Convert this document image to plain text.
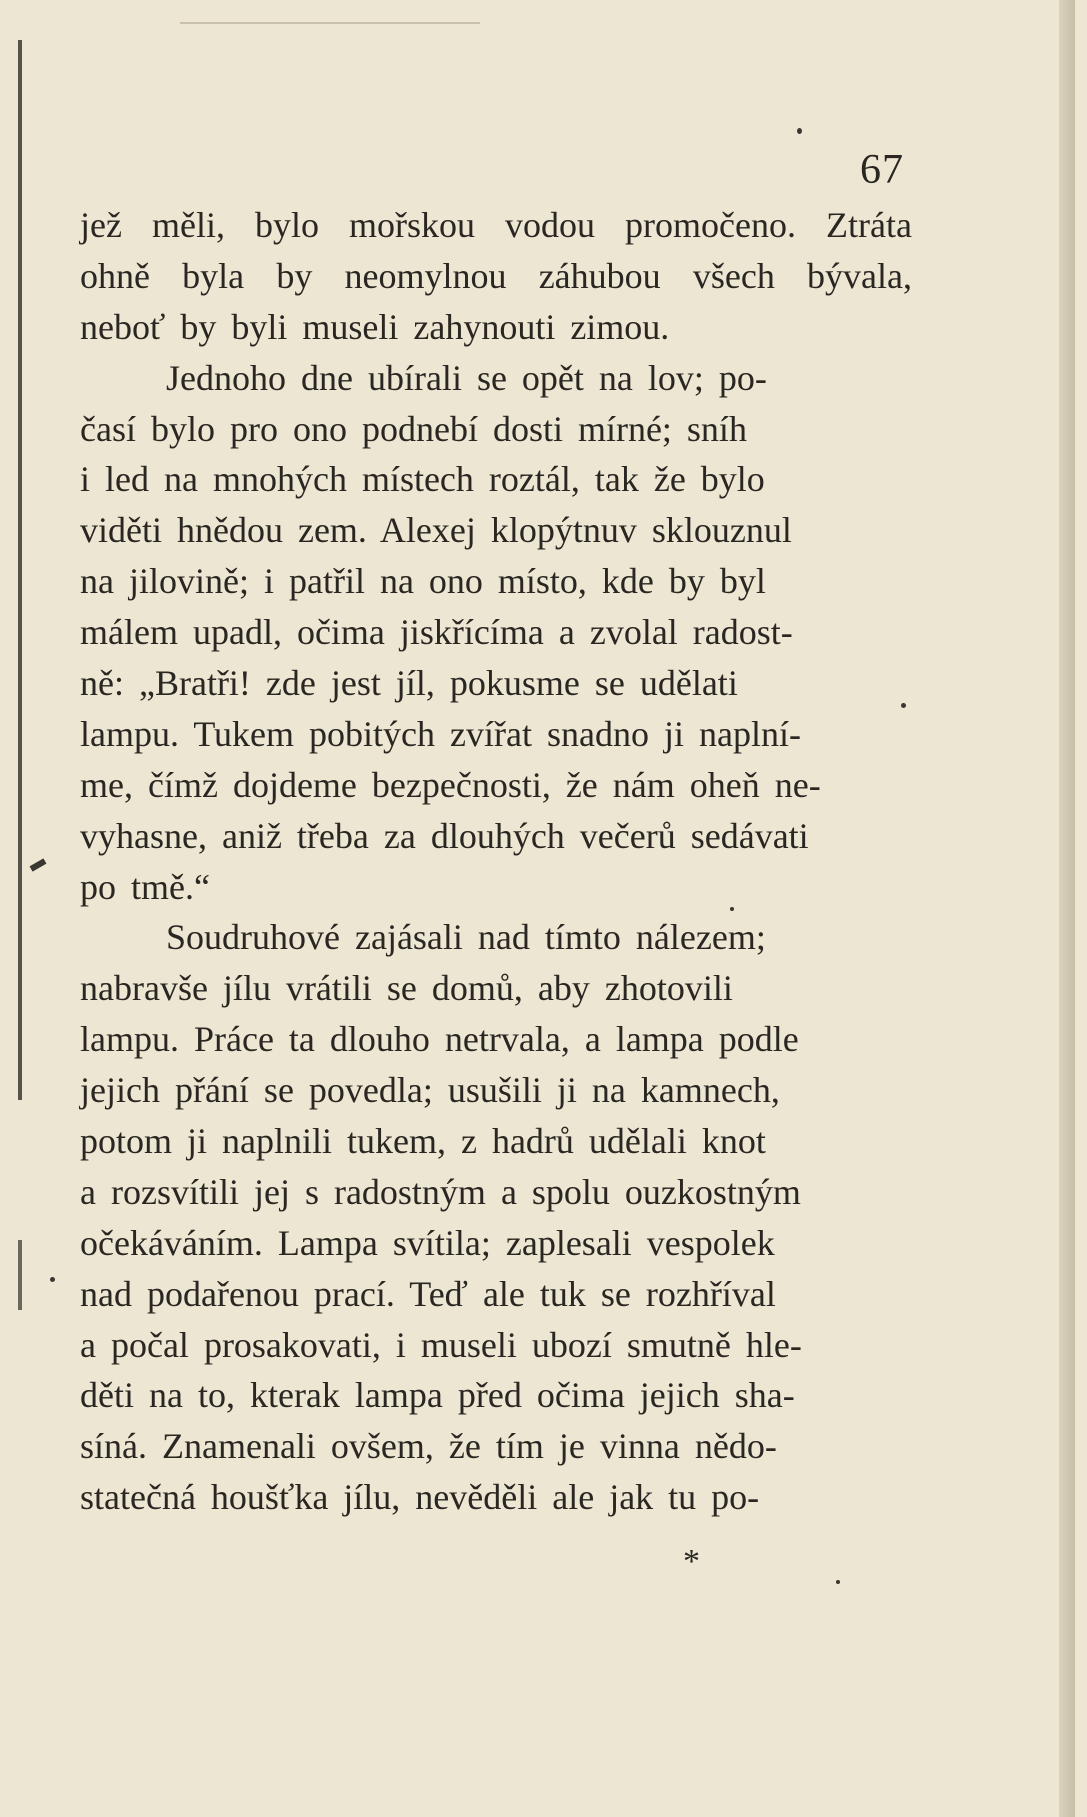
67
jež měli, bylo mořskou vodou promočeno. Ztráta
ohně byla by neomylnou záhubou všech bývala,
neboť by byli museli zahynouti zimou.
Jednoho dne ubírali se opět na lov; po-
časí bylo pro ono podnebí dosti mírné; sníh
i led na mnohých místech roztál, tak že bylo
viděti hnědou zem. Alexej klopýtnuv sklouznul
na jilovině; i patřil na ono místo, kde by byl
málem upadl, očima jiskřícíma a zvolal radost-
ně: „Bratři! zde jest jíl, pokusme se udělati
lampu. Tukem pobitých zvířat snadno ji naplní-
me, čímž dojdeme bezpečnosti, že nám oheň ne-
vyhasne, aniž třeba za dlouhých večerů sedávati
po tmě.“
Soudruhové zajásali nad tímto nálezem;
nabravše jílu vrátili se domů, aby zhotovili
lampu. Práce ta dlouho netrvala, a lampa podle
jejich přání se povedla; usušili ji na kamnech,
potom ji naplnili tukem, z hadrů udělali knot
a rozsvítili jej s radostným a spolu ouzkostným
očekáváním. Lampa svítila; zaplesali vespolek
nad podařenou prací. Teď ale tuk se rozhříval
a počal prosakovati, i museli ubozí smutně hle-
děti na to, kterak lampa před očima jejich sha-
síná. Znamenali ovšem, že tím je vinna nědo-
statečná houšťka jílu, nevěděli ale jak tu po-
*
